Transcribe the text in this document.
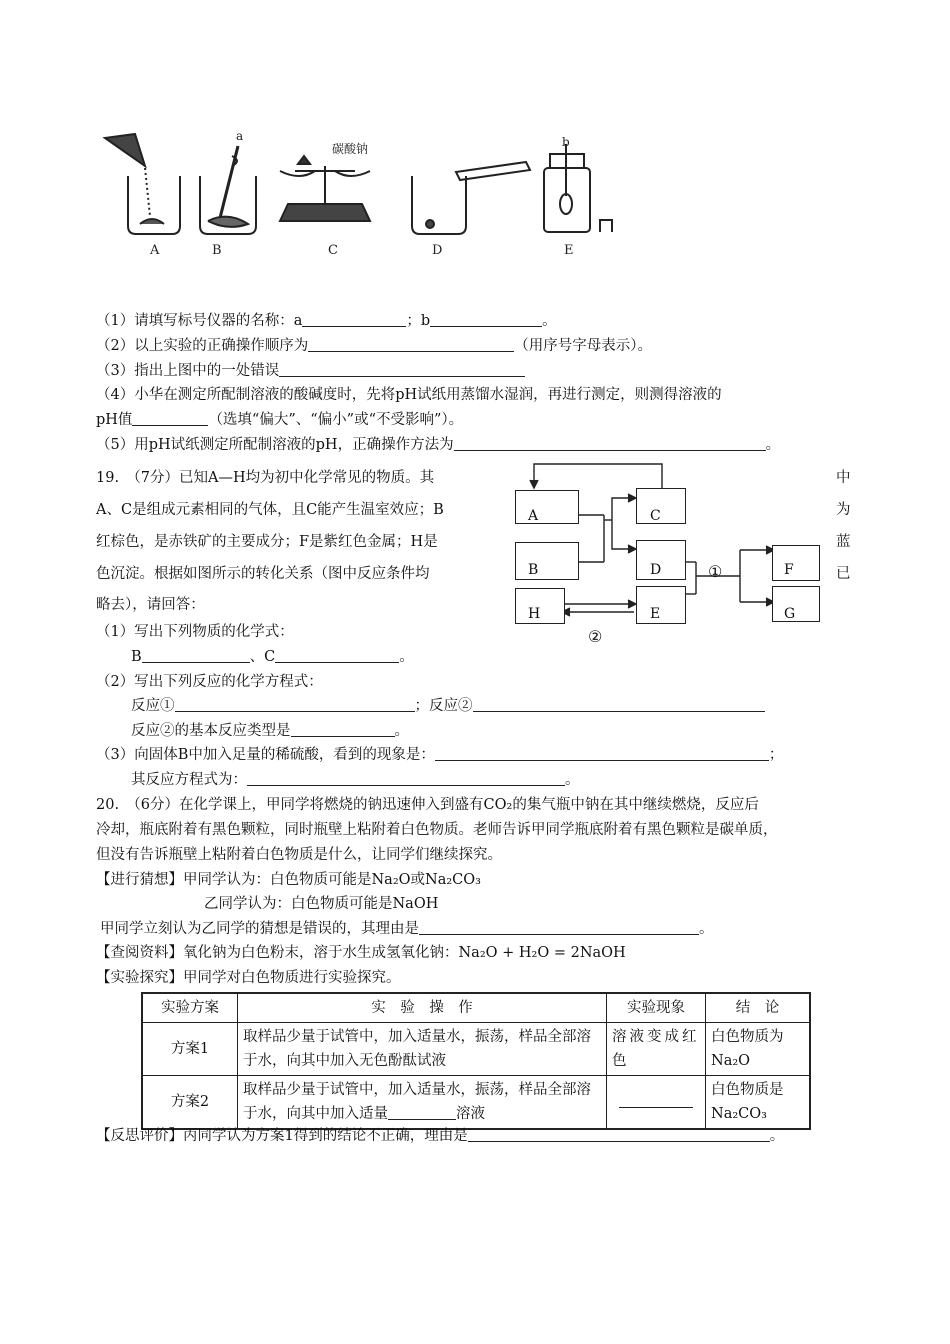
a	b
碳酸钠
A	B	C	D	E
（1）请填写标号仪器的名称：a	；b	。
（2）以上实验的正确操作顺序为	（用序号字母表示）。
（3）指出上图中的一处错误
（4）小华在测定所配制溶液的酸碱度时，先将pH试纸用蒸馏水湿润，再进行测定，则测得溶液的
pH值	（选填“偏大”、“偏小”或“不受影响”）。
（5）用pH试纸测定所配制溶液的pH，正确操作方法为	。
19.　（7分）已知A—H均为初中化学常见的物质。其	中
A、C是组成元素相同的气体，且C能产生温室效应；B	为
红棕色，是赤铁矿的主要成分；F是紫红色金属；H是	蓝
色沉淀。根据如图所示的转化关系（图中反应条件均	已
略去），请回答：
A	C
B	D
H	E
F
G
①
②
（1）写出下列物质的化学式：
B	、C	。
（2）写出下列反应的化学方程式：
反应①	；反应②
反应②的基本反应类型是	。
（3）向固体B中加入足量的稀硫酸，看到的现象是：	；
其反应方程式为：	。
20.　（6分）在化学课上，甲同学将燃烧的钠迅速伸入到盛有CO₂的集气瓶中钠在其中继续燃烧，反应后
冷却，瓶底附着有黑色颗粒，同时瓶壁上粘附着白色物质。老师告诉甲同学瓶底附着有黑色颗粒是碳单质，
但没有告诉瓶壁上粘附着白色物质是什么，让同学们继续探究。
【进行猜想】甲同学认为：白色物质可能是Na₂O或Na₂CO₃
乙同学认为：白色物质可能是NaOH
甲同学立刻认为乙同学的猜想是错误的，其理由是	。
【查阅资料】氧化钠为白色粉末，溶于水生成氢氧化钠：Na₂O + H₂O = 2NaOH
【实验探究】甲同学对白色物质进行实验探究。
实验方案	实　验　操　作	实验现象	结　论
方案1	取样品少量于试管中，加入适量水，振荡，样品全部溶于水，向其中加入无色酚酞试液	溶液变成红色	白色物质为Na₂O
方案2	取样品少量于试管中，加入适量水，振荡，样品全部溶于水，向其中加入适量 溶液		白色物质是Na₂CO₃
【反思评价】丙同学认为方案1得到的结论不正确，理由是	。
